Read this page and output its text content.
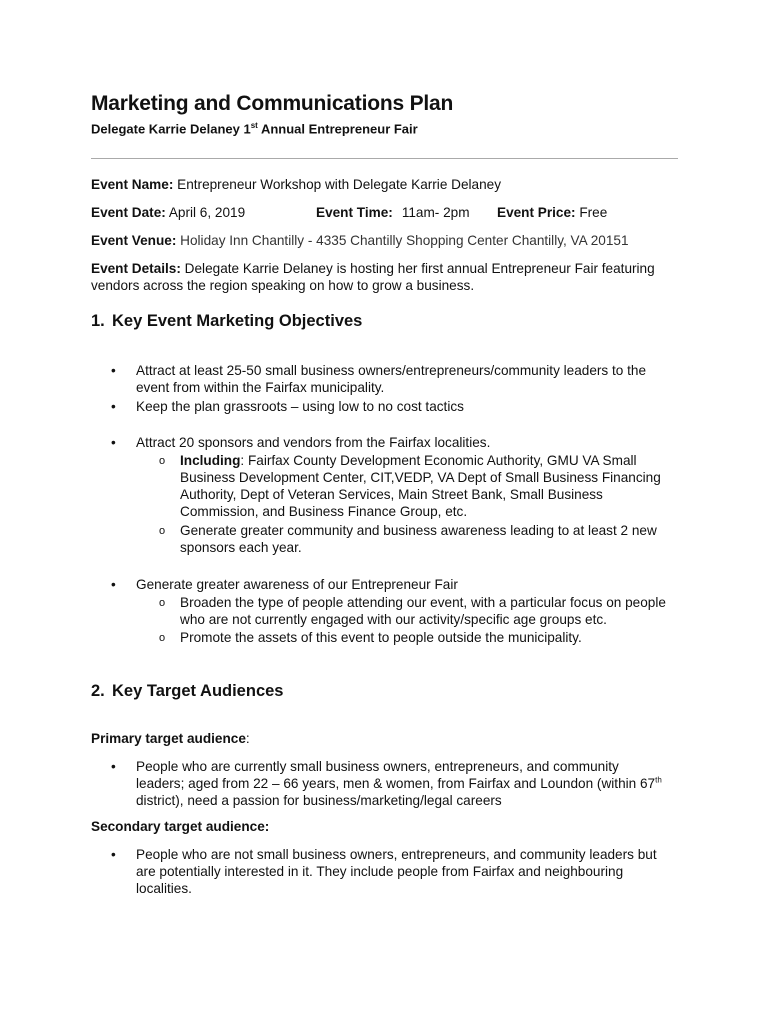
Marketing and Communications Plan
Delegate Karrie Delaney 1st Annual Entrepreneur Fair
Event Name: Entrepreneur Workshop with Delegate Karrie Delaney
Event Date: April 6, 2019	Event Time: 11am- 2pm Event Price: Free
Event Venue: Holiday Inn Chantilly - 4335 Chantilly Shopping Center Chantilly, VA 20151
Event Details: Delegate Karrie Delaney is hosting her first annual Entrepreneur Fair featuring
vendors across the region speaking on how to grow a business.
1. Key Event Marketing Objectives
• Attract at least 25-50 small business owners/entrepreneurs/community leaders to the
event from within the Fairfax municipality.
• Keep the plan grassroots – using low to no cost tactics
• Attract 20 sponsors and vendors from the Fairfax localities.
o Including: Fairfax County Development Economic Authority, GMU VA Small
Business Development Center, CIT,VEDP, VA Dept of Small Business Financing
Authority, Dept of Veteran Services, Main Street Bank, Small Business
Commission, and Business Finance Group, etc.
o Generate greater community and business awareness leading to at least 2 new
sponsors each year.
• Generate greater awareness of our Entrepreneur Fair
o Broaden the type of people attending our event, with a particular focus on people
who are not currently engaged with our activity/specific age groups etc.
o Promote the assets of this event to people outside the municipality.
2. Key Target Audiences
Primary target audience:
• People who are currently small business owners, entrepreneurs, and community
leaders; aged from 22 – 66 years, men & women, from Fairfax and Loundon (within 67th
district), need a passion for business/marketing/legal careers
Secondary target audience:
• People who are not small business owners, entrepreneurs, and community leaders but
are potentially interested in it. They include people from Fairfax and neighbouring
localities.
